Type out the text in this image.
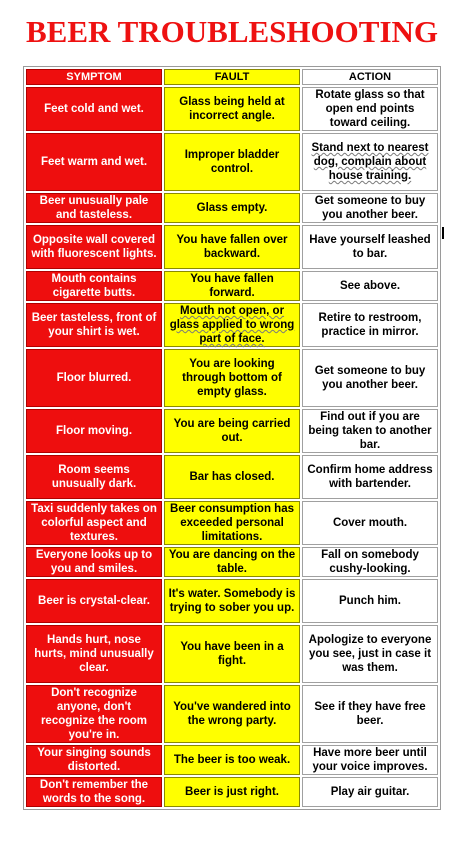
BEER TROUBLESHOOTING
SYMPTOM	FAULT	ACTION
Feet cold and wet.	Glass being held at incorrect angle.	Rotate glass so that open end points toward ceiling.
Feet warm and wet.	Improper bladder control.	Stand next to nearest dog, complain about house training.
Beer unusually pale and tasteless.	Glass empty.	Get someone to buy you another beer.
Opposite wall covered with fluorescent lights.	You have fallen over backward.	Have yourself leashed to bar.
Mouth contains cigarette butts.	You have fallen forward.	See above.
Beer tasteless, front of your shirt is wet.	Mouth not open, or glass applied to wrong part of face.	Retire to restroom, practice in mirror.
Floor blurred.	You are looking through bottom of empty glass.	Get someone to buy you another beer.
Floor moving.	You are being carried out.	Find out if you are being taken to another bar.
Room seems unusually dark.	Bar has closed.	Confirm home address with bartender.
Taxi suddenly takes on colorful aspect and textures.	Beer consumption has exceeded personal limitations.	Cover mouth.
Everyone looks up to you and smiles.	You are dancing on the table.	Fall on somebody cushy-looking.
Beer is crystal-clear.	It's water. Somebody is trying to sober you up.	Punch him.
Hands hurt, nose hurts, mind unusually clear.	You have been in a fight.	Apologize to everyone you see, just in case it was them.
Don't recognize anyone, don't recognize the room you're in.	You've wandered into the wrong party.	See if they have free beer.
Your singing sounds distorted.	The beer is too weak.	Have more beer until your voice improves.
Don't remember the words to the song.	Beer is just right.	Play air guitar.
